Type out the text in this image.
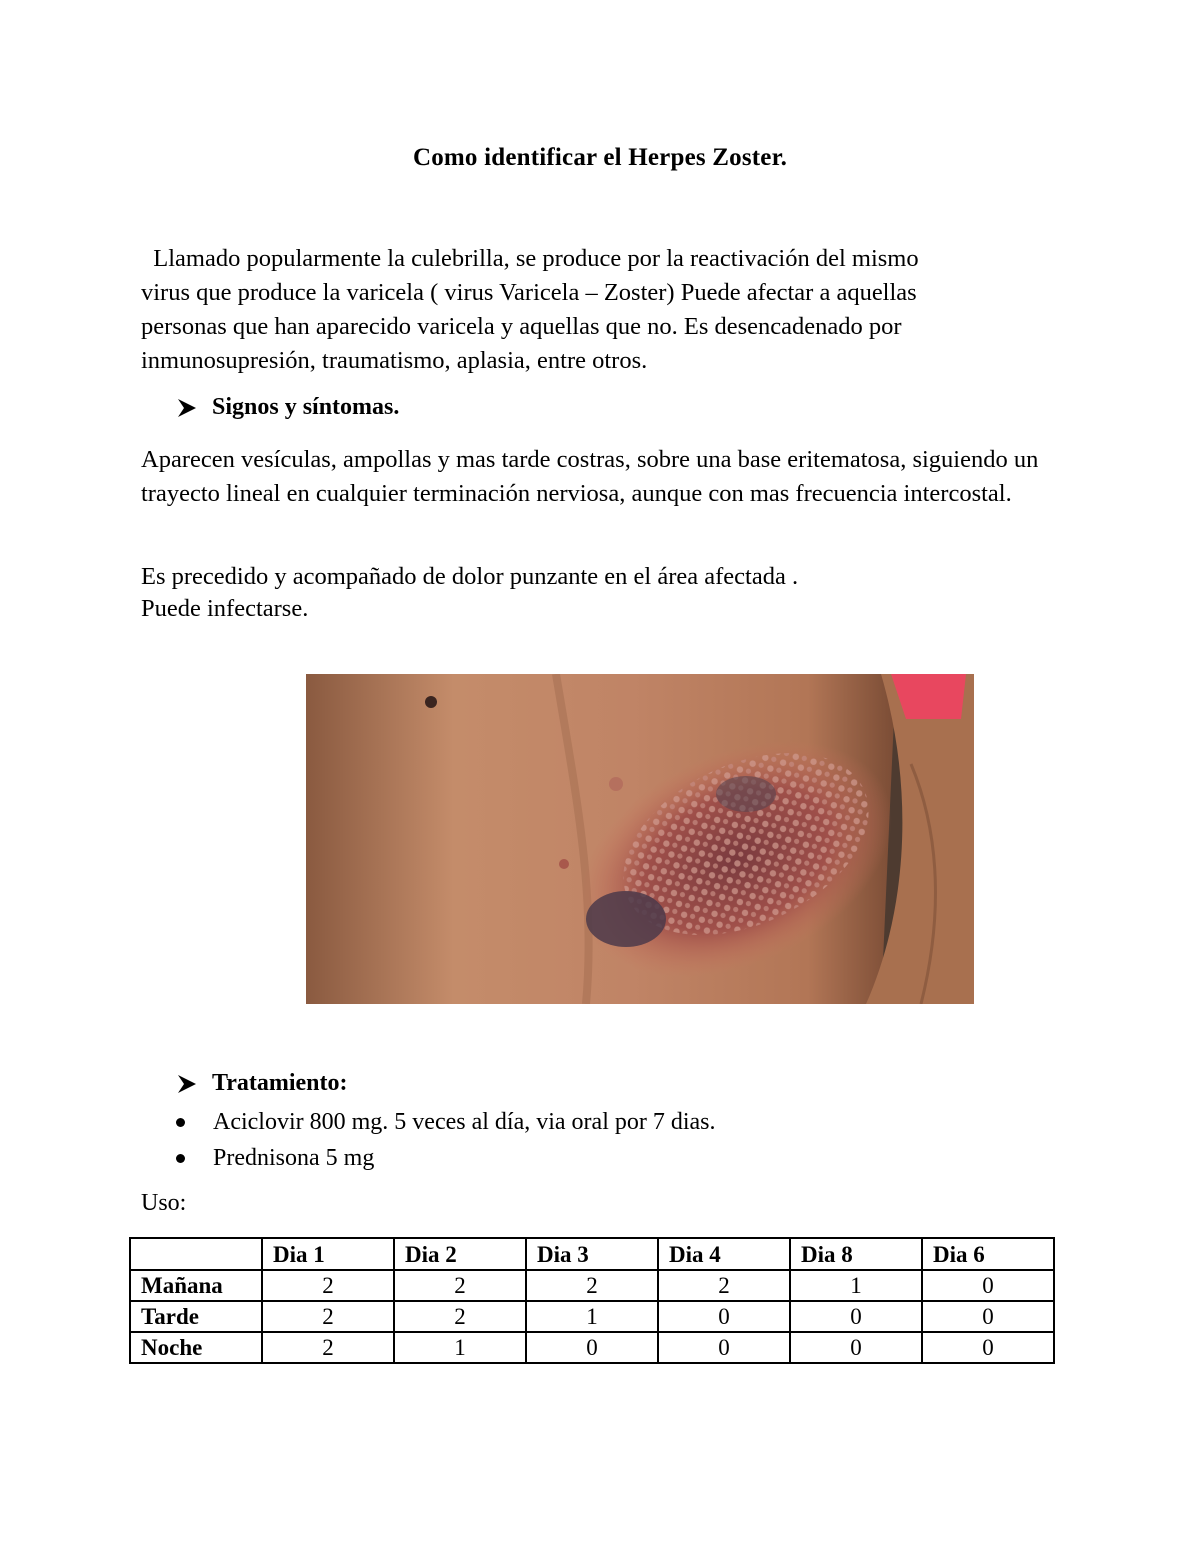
Como identificar el Herpes Zoster.
Llamado popularmente la culebrilla, se produce por la reactivación del mismo
virus que produce la varicela ( virus Varicela – Zoster) Puede afectar a aquellas
personas que han aparecido varicela y aquellas que no. Es desencadenado por
inmunosupresión, traumatismo, aplasia, entre otros.
Signos y síntomas.
Aparecen vesículas, ampollas y mas tarde costras, sobre una base eritematosa, siguiendo un trayecto lineal en cualquier terminación nerviosa, aunque con mas frecuencia intercostal.
Es precedido y acompañado de dolor punzante en el área afectada .
Puede infectarse.
Tratamiento:
Aciclovir 800 mg. 5 veces al día, via oral por 7 dias.
Prednisona 5 mg
Uso:
	Dia 1	Dia 2	Dia 3	Dia 4	Dia 8	Dia 6
Mañana	2	2	2	2	1	0
Tarde	2	2	1	0	0	0
Noche	2	1	0	0	0	0
